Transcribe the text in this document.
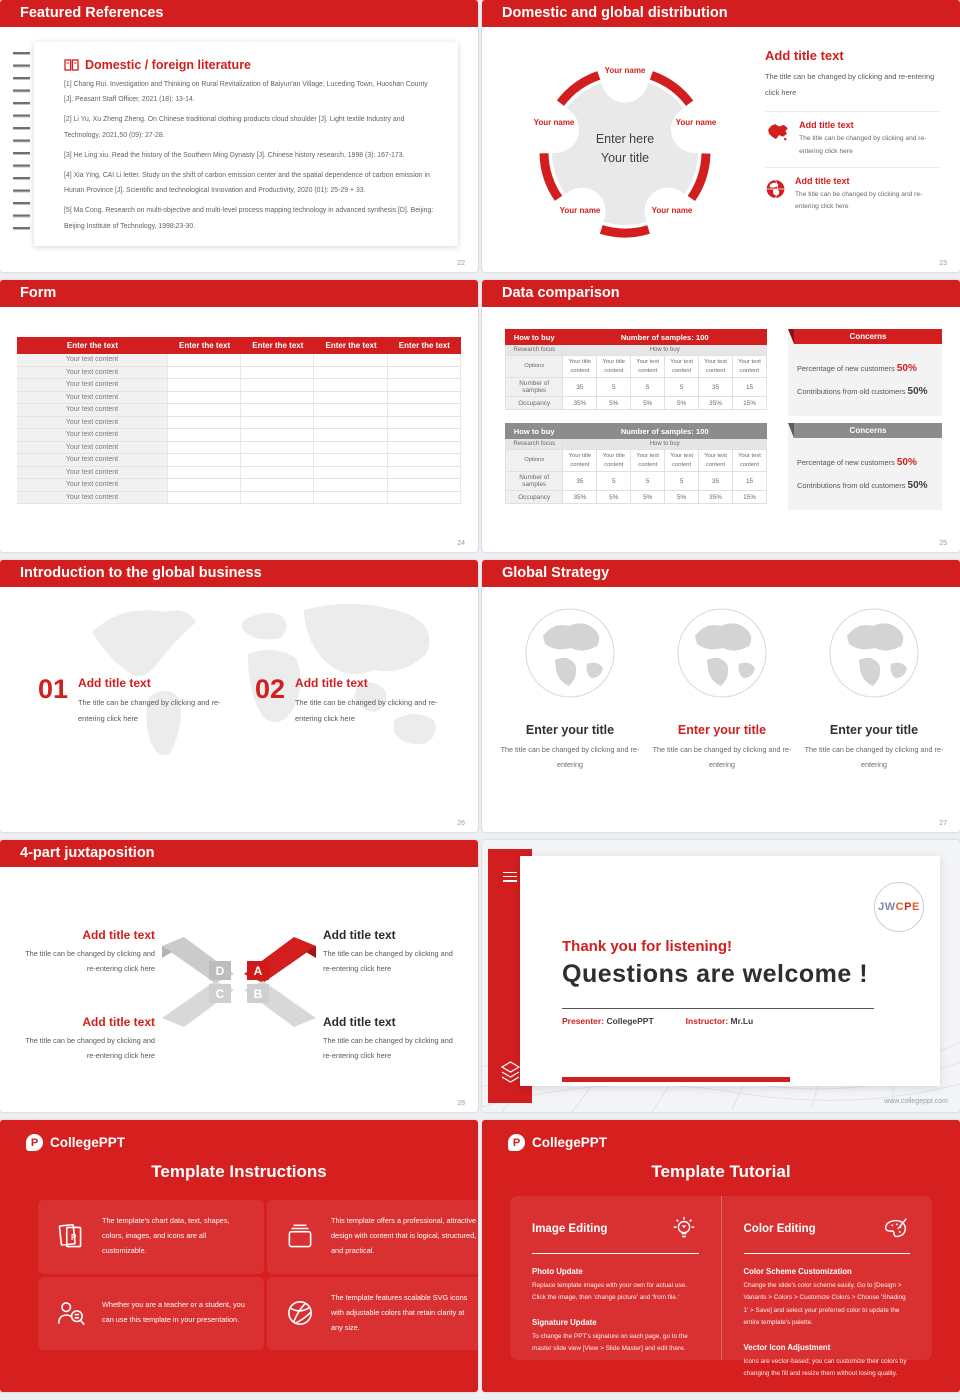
Featured References
Domestic / foreign literature

[1] Chang Rui. Investigation and Thinking on Rural Revitalization of Baiyun'an Village, Luceding Town, Huoshan County [J]. Peasant Staff Officer, 2021 (18): 13-14.

[2] Li Yu, Xu Zheng Zheng. On Chinese traditional clothing products cloud shoulder [J]. Light textile Industry and Technology, 2021,50 (09): 27-28.

[3] He Ling xiu. Read the history of the Southern Ming Dynasty [J]. Chinese history research, 1998 (3): 167-173.

[4] Xia Ying, CAI Li letter. Study on the shift of carbon emission center and the spatial dependence of carbon emission in Hunan Province [J]. Scientific and technological Innovation and Productivity, 2020 (01): 25-29 + 33.

[5] Ma Cong. Research on multi-objective and multi-level process mapping technology in advanced synthesis [D]. Beijing: Beijing Institute of Technology, 1998:23-30.

22
Domestic and global distribution
Your name
Your name
Your name
Your name
Your name
Enter here
Your title
Add title text
The title can be changed by clicking and re-entering click here
Add title text

The title can be changed by clicking and re-entering click here

Add title text

The title can be changed by clicking and re-entering click here

23
Form
Enter the text	Enter the text	Enter the text	Enter the text	Enter the text
Your text content
Your text content
Your text content
Your text content
Your text content
Your text content
Your text content
Your text content
Your text content
Your text content
Your text content
Your text content
24
Data comparison
How to buy	Number of samples: 100					
Research focus	How to buy					
Options	Your title content	Your title content	Your text content	Your text content	Your text content	Your text content
Number of samples	35	5	5	5	35	15
Occupancy	35%	5%	5%	5%	35%	15%
How to buy	Number of samples: 100					
Research focus	How to buy					
Options	Your title content	Your title content	Your text content	Your text content	Your text content	Your text content
Number of samples	35	5	5	5	35	15
Occupancy	35%	5%	5%	5%	35%	15%
Concerns
Percentage of new customers 50%
Contributions from old customers 50%
Concerns
Percentage of new customers 50%
Contributions from old customers 50%
25
Introduction to the global business
01 Add title text

The title can be changed by clicking and re-entering click here

02 Add title text

The title can be changed by clicking and re-entering click here

26
Global Strategy
Enter your title

The title can be changed by clicking and re-entering

Enter your title

The title can be changed by clicking and re-entering

Enter your title

The title can be changed by clicking and re-entering

27
4-part juxtaposition
Add title text

The title can be changed by clicking and re-entering click here

Add title text

The title can be changed by clicking and re-entering click here

Add title text

The title can be changed by clicking and re-entering click here

Add title text

The title can be changed by clicking and re-entering click here

D A
C B
28
JW C P E
Thank you for listening!
Questions are welcome !
Presenter: CollegePPT	Instructor: Mr.Lu
www.collegeppt.com
P CollegePPT
Template Instructions
P

The template's chart data, text, shapes, colors, images, and icons are all customizable.

This template offers a professional, attractive design with content that is logical, structured, and practical.

Whether you are a teacher or a student, you can use this template in your presentation.

The template features scalable SVG icons with adjustable colors that retain clarity at any size.

P CollegePPT
Template Tutorial
Image Editing
Photo Update

Replace template images with your own for actual use. Click the image, then 'change picture' and 'from file.'

Signature Update

To change the PPT's signature on each page, go to the master slide view [View > Slide Master] and edit there.

Color Editing
Color Scheme Customization

Change the slide's color scheme easily. Go to [Design > Variants > Colors > Customize Colors > Choose 'Shading 1' > Save] and select your preferred color to update the entire template's palette.

Vector Icon Adjustment

Icons are vector-based; you can customize their colors by changing the fill and resize them without losing quality.
